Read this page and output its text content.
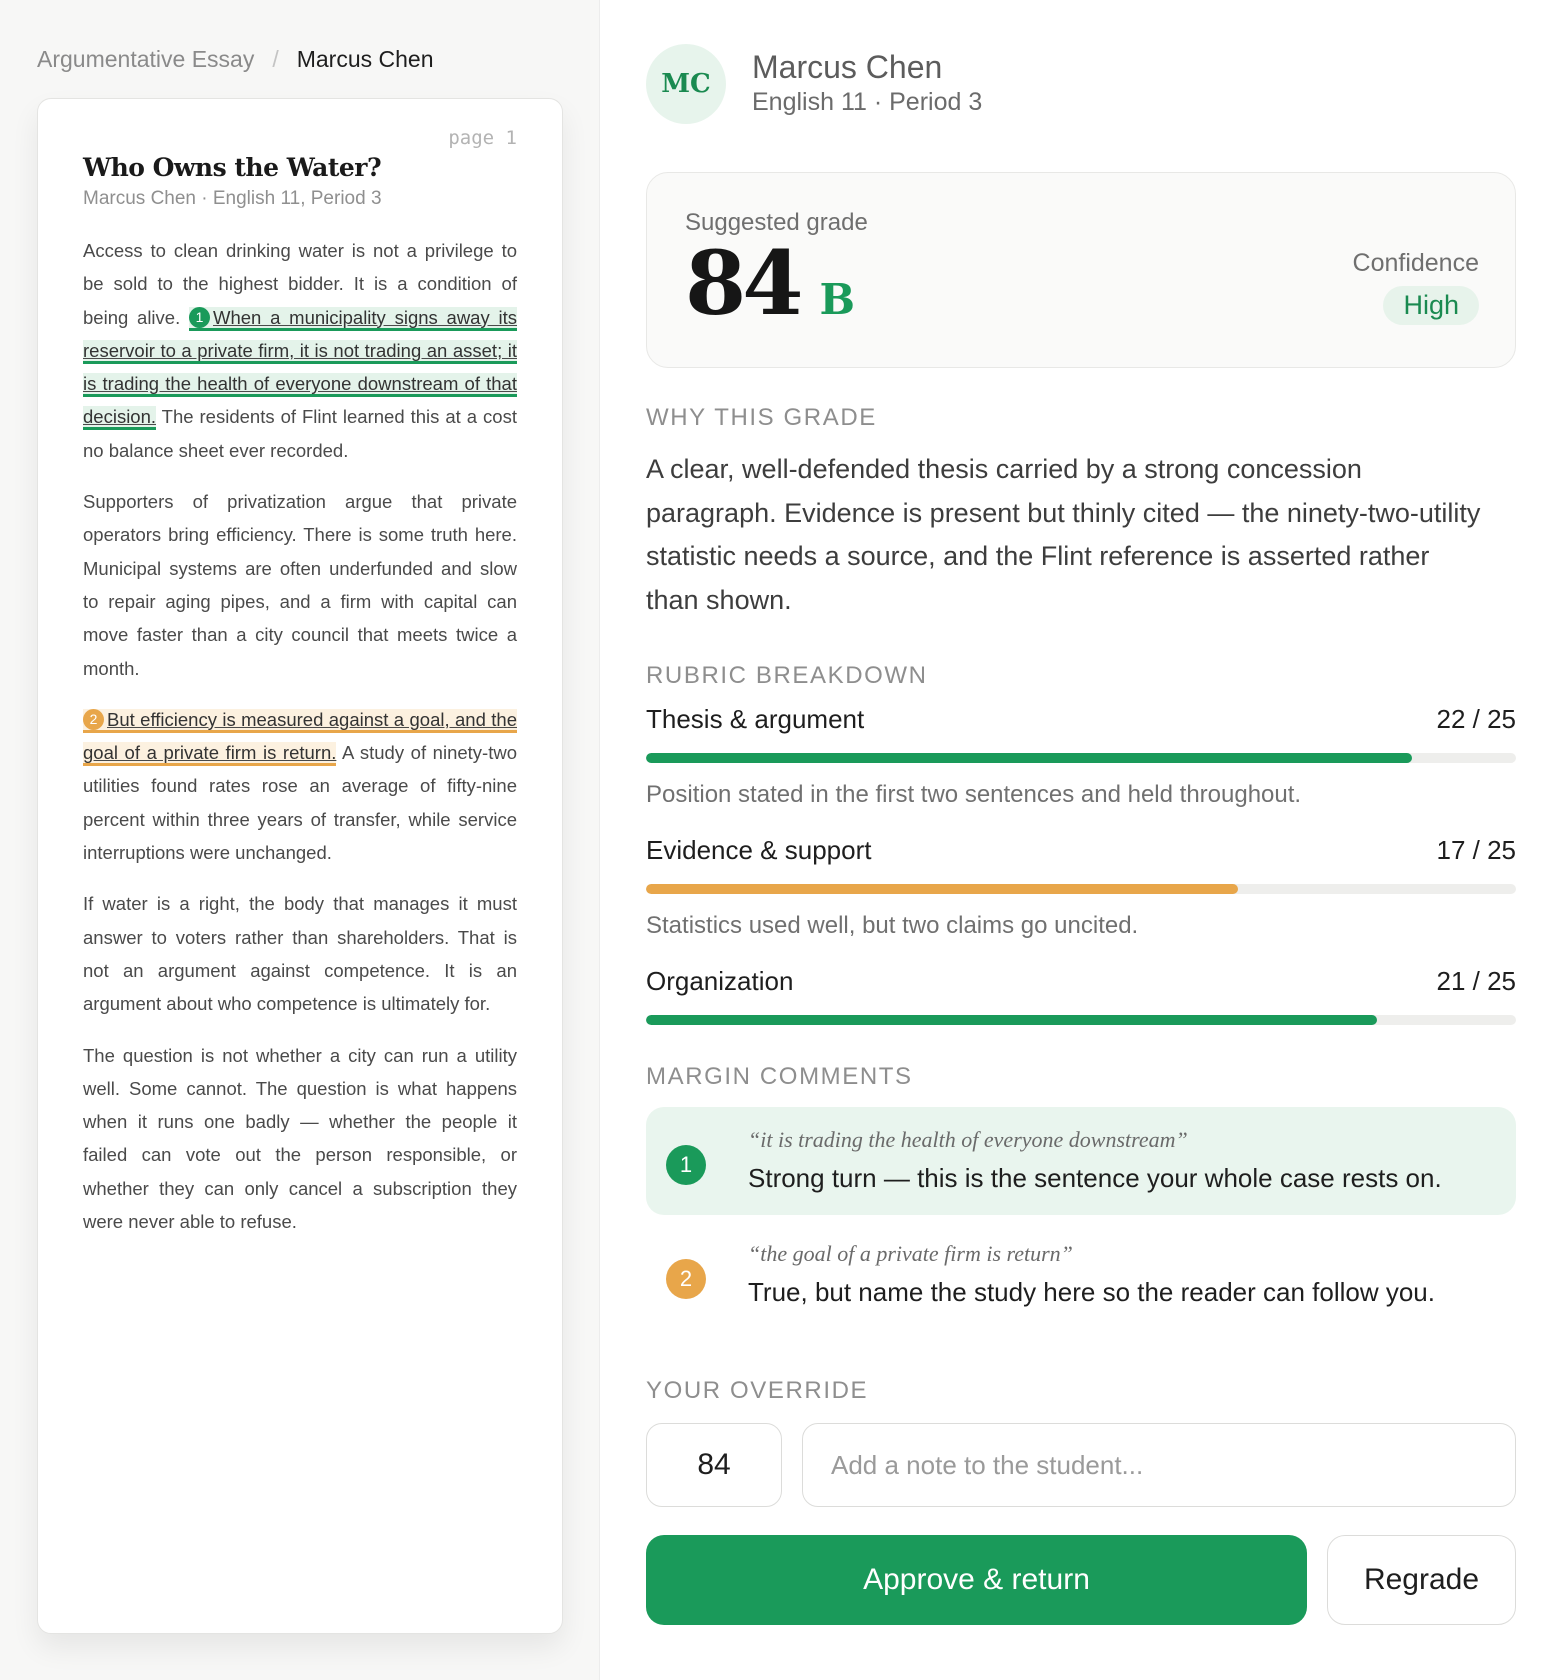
Argumentative Essay / Marcus Chen
page 1
Who Owns the Water?
Marcus Chen · English 11, Period 3

Access to clean drinking water is not a privilege to be sold to the highest bidder. It is a condition of being alive. 1 When a municipality signs away its reservoir to a private firm, it is not trading an asset; it is trading the health of everyone downstream of that decision. The residents of Flint learned this at a cost no balance sheet ever recorded.

Supporters of privatization argue that private operators bring efficiency. There is some truth here. Municipal systems are often underfunded and slow to repair aging pipes, and a firm with capital can move faster than a city council that meets twice a month.

2 But efficiency is measured against a goal, and the goal of a private firm is return. A study of ninety-two utilities found rates rose an average of fifty-nine percent within three years of transfer, while service interruptions were unchanged.

If water is a right, the body that manages it must answer to voters rather than shareholders. That is not an argument against competence. It is an argument about who competence is ultimately for.

The question is not whether a city can run a utility well. Some cannot. The question is what happens when it runs one badly — whether the people it failed can vote out the person responsible, or whether they can only cancel a subscription they were never able to refuse.

MC	Marcus Chen
English 11 · Period 3
Suggested grade
84 B
Confidence
High
WHY THIS GRADE
A clear, well-defended thesis carried by a strong concession paragraph. Evidence is present but thinly cited — the ninety-two-utility statistic needs a source, and the Flint reference is asserted rather than shown.
RUBRIC BREAKDOWN
Thesis & argument	22 / 25
Position stated in the first two sentences and held throughout.
Evidence & support	17 / 25
Statistics used well, but two claims go uncited.
Organization	21 / 25
MARGIN COMMENTS
1
“it is trading the health of everyone downstream”
Strong turn — this is the sentence your whole case rests on.
2
“the goal of a private firm is return”
True, but name the study here so the reader can follow you.
YOUR OVERRIDE
84
Add a note to the student...
Approve & return	Regrade
